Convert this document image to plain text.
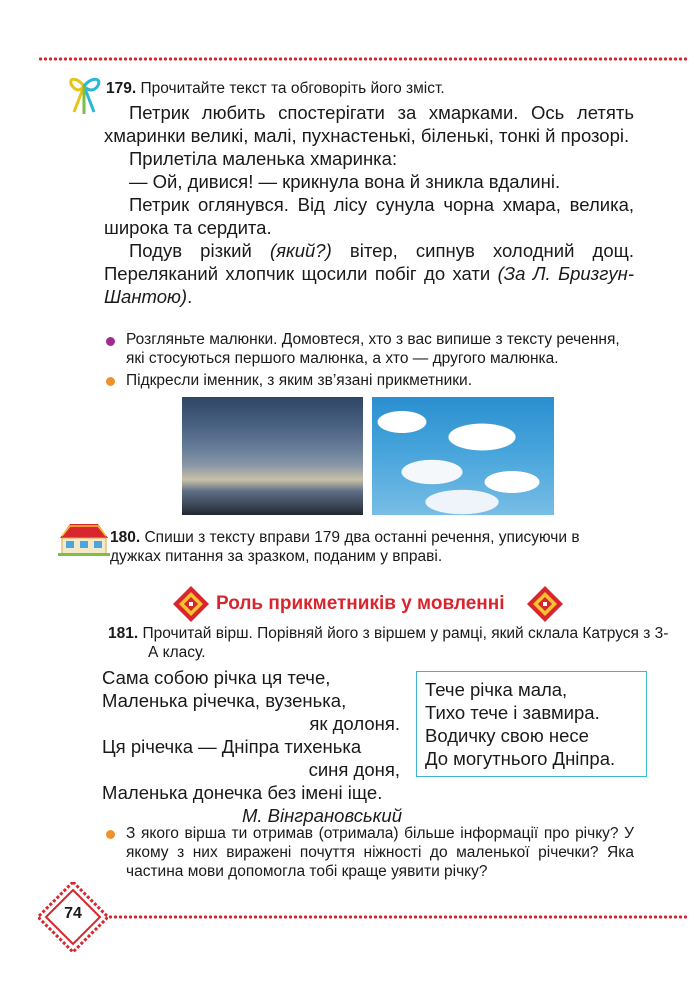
179. Прочитайте текст та обговоріть його зміст.

Петрик любить спостерігати за хмарками. Ось летять хмаринки великі, малі, пухнастенькі, біленькі, тонкі й прозорі.

Прилетіла маленька хмаринка:

— Ой, дивися! — крикнула вона й зникла вдалині.

Петрик оглянувся. Від лісу сунула чорна хмара, велика, широка та сердита.

Подув різкий (який?) вітер, сипнув холодний дощ. Переляканий хлопчик щосили побіг до хати (За Л. Бризгун-Шантою).

Розгляньте малюнки. Домовтеся, хто з вас випише з тексту речення, які стосуються першого малюнка, а хто — другого малюнка.
Підкресли іменник, з яким зв’язані прикметники.
180. Спиши з тексту вправи 179 два останні речення, уписуючи в дужках питання за зразком, поданим у вправі.
Роль прикметників у мовленні
181. Прочитай вірш. Порівняй його з віршем у рамці, який склала Катруся з 3-А класу.
Сама собою річка ця тече,
Маленька річечка, вузенька,
як долоня.
Ця річечка — Дніпра тихенька
синя доня,
Маленька донечка без імені іще.
М. Вінграновський
Тече річка мала,
Тихо тече і завмира.
Водичку свою несе
До могутнього Дніпра.
З якого вірша ти отримав (отримала) більше інформації про річку? У якому з них виражені почуття ніжності до маленької річечки? Яка частина мови допомогла тобі краще уявити річку?
74
